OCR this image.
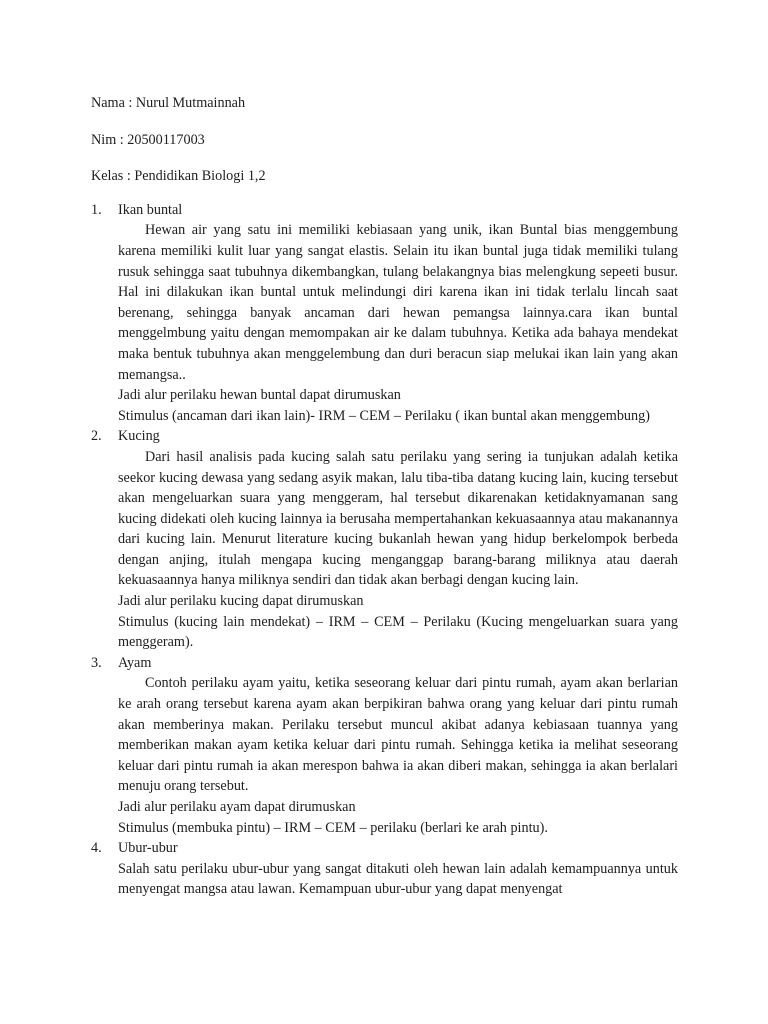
Nama : Nurul Mutmainnah

Nim : 20500117003

Kelas : Pendidikan Biologi 1,2

1. Ikan buntal

Hewan air yang satu ini memiliki kebiasaan yang unik, ikan Buntal bias menggembung karena memiliki kulit luar yang sangat elastis. Selain itu ikan buntal juga tidak memiliki tulang rusuk sehingga saat tubuhnya dikembangkan, tulang belakangnya bias melengkung sepeeti busur. Hal ini dilakukan ikan buntal untuk melindungi diri karena ikan ini tidak terlalu lincah saat berenang, sehingga banyak ancaman dari hewan pemangsa lainnya.cara ikan buntal menggelmbung yaitu dengan memompakan air ke dalam tubuhnya. Ketika ada bahaya mendekat maka bentuk tubuhnya akan menggelembung dan duri beracun siap melukai ikan lain yang akan memangsa..

Jadi alur perilaku hewan buntal dapat dirumuskan

Stimulus (ancaman dari ikan lain)- IRM – CEM – Perilaku ( ikan buntal akan menggembung)

2. Kucing

Dari hasil analisis pada kucing salah satu perilaku yang sering ia tunjukan adalah ketika seekor kucing dewasa yang sedang asyik makan, lalu tiba-tiba datang kucing lain, kucing tersebut akan mengeluarkan suara yang menggeram, hal tersebut dikarenakan ketidaknyamanan sang kucing didekati oleh kucing lainnya ia berusaha mempertahankan kekuasaannya atau makanannya dari kucing lain. Menurut literature kucing bukanlah hewan yang hidup berkelompok berbeda dengan anjing, itulah mengapa kucing menganggap barang-barang miliknya atau daerah kekuasaannya hanya miliknya sendiri dan tidak akan berbagi dengan kucing lain.

Jadi alur perilaku kucing dapat dirumuskan

Stimulus (kucing lain mendekat) – IRM – CEM – Perilaku (Kucing mengeluarkan suara yang menggeram).

3. Ayam

Contoh perilaku ayam yaitu, ketika seseorang keluar dari pintu rumah, ayam akan berlarian ke arah orang tersebut karena ayam akan berpikiran bahwa orang yang keluar dari pintu rumah akan memberinya makan. Perilaku tersebut muncul akibat adanya kebiasaan tuannya yang memberikan makan ayam ketika keluar dari pintu rumah. Sehingga ketika ia melihat seseorang keluar dari pintu rumah ia akan merespon bahwa ia akan diberi makan, sehingga ia akan berlalari menuju orang tersebut.

Jadi alur perilaku ayam dapat dirumuskan

Stimulus (membuka pintu) – IRM – CEM – perilaku (berlari ke arah pintu).

4. Ubur-ubur

Salah satu perilaku ubur-ubur yang sangat ditakuti oleh hewan lain adalah kemampuannya untuk menyengat mangsa atau lawan. Kemampuan ubur-ubur yang dapat menyengat
